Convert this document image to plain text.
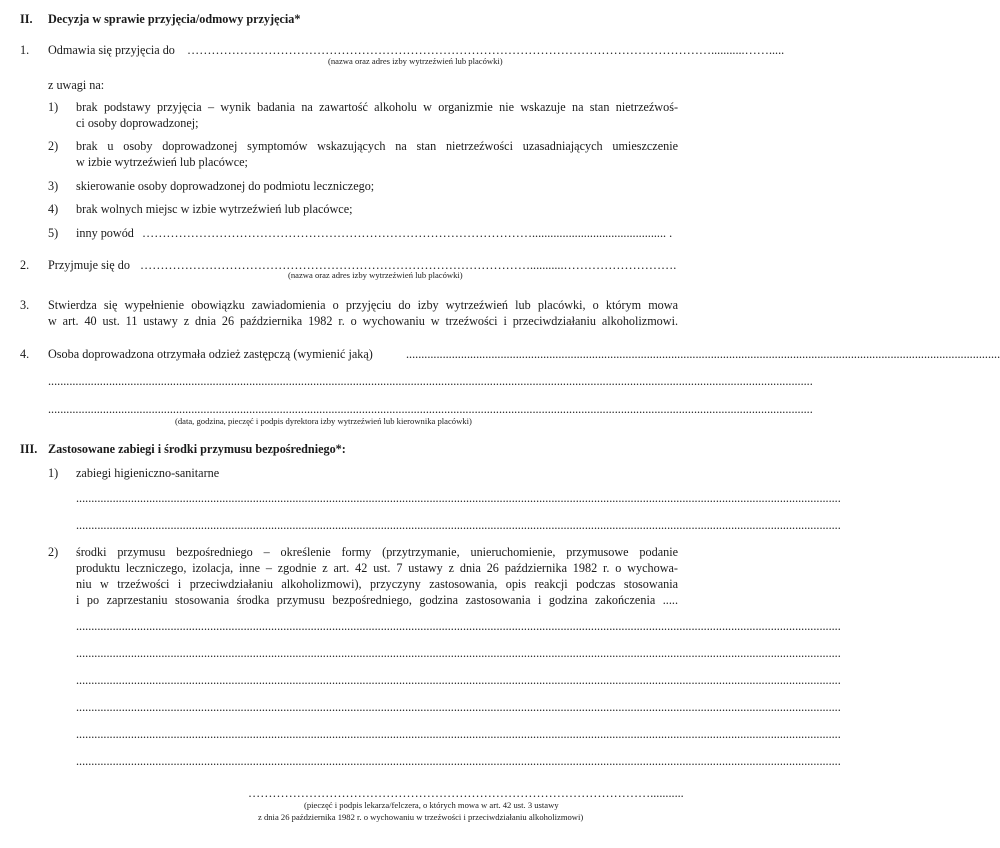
II. Decyzja w sprawie przyjęcia/odmowy przyjęcia*
1. Odmawia się przyjęcia do …………………………………………………………………………………………………………………...........…….....
(nazwa oraz adres izby wytrzeźwień lub placówki)
z uwagi na:
1) brak podstawy przyjęcia – wynik badania na zawartość alkoholu w organizmie nie wskazuje na stan nietrzeźwoś-
ci osoby doprowadzonej;
2) brak u osoby doprowadzonej symptomów wskazujących na stan nietrzeźwości uzasadniających umieszczenie
w izbie wytrzeźwień lub placówce;
3) skierowanie osoby doprowadzonej do podmiotu leczniczego;
4) brak wolnych miejsc w izbie wytrzeźwień lub placówce;
5) inny powód ……………………………………………………………………………………............................................ .
2. Przyjmuje się do ……………………………………………………………………………………...........……………………….
(nazwa oraz adres izby wytrzeźwień lub placówki)
3. Stwierdza się wypełnienie obowiązku zawiadomienia o przyjęciu do izby wytrzeźwień lub placówki, o którym mowa
w art. 40 ust. 11 ustawy z dnia 26 października 1982 r. o wychowaniu w trzeźwości i przeciwdziałaniu alkoholizmowi.
4. Osoba doprowadzona otrzymała odzież zastępczą (wymienić jaką)	...................................................................................................................................................................................................
...........................................................................................................................................................................................................................................................
...........................................................................................................................................................................................................................................................
(data, godzina, pieczęć i podpis dyrektora izby wytrzeźwień lub kierownika placówki)
III. Zastosowane zabiegi i środki przymusu bezpośredniego*:
1) zabiegi higieniczno-sanitarne
...........................................................................................................................................................................................................................................................
...........................................................................................................................................................................................................................................................
2) środki przymusu bezpośredniego – określenie formy (przytrzymanie, unieruchomienie, przymusowe podanie
produktu leczniczego, izolacja, inne – zgodnie z art. 42 ust. 7 ustawy z dnia 26 października 1982 r. o wychowa-
niu w trzeźwości i przeciwdziałaniu alkoholizmowi), przyczyny zastosowania, opis reakcji podczas stosowania
i po zaprzestaniu stosowania środka przymusu bezpośredniego, godzina zastosowania i godzina zakończenia .....
...........................................................................................................................................................................................................................................................
...........................................................................................................................................................................................................................................................
...........................................................................................................................................................................................................................................................
...........................................................................................................................................................................................................................................................
...........................................................................................................................................................................................................................................................
...........................................................................................................................................................................................................................................................
………………………………………………………………………………………...........
(pieczęć i podpis lekarza/felczera, o których mowa w art. 42 ust. 3 ustawy
z dnia 26 października 1982 r. o wychowaniu w trzeźwości i przeciwdziałaniu alkoholizmowi)
